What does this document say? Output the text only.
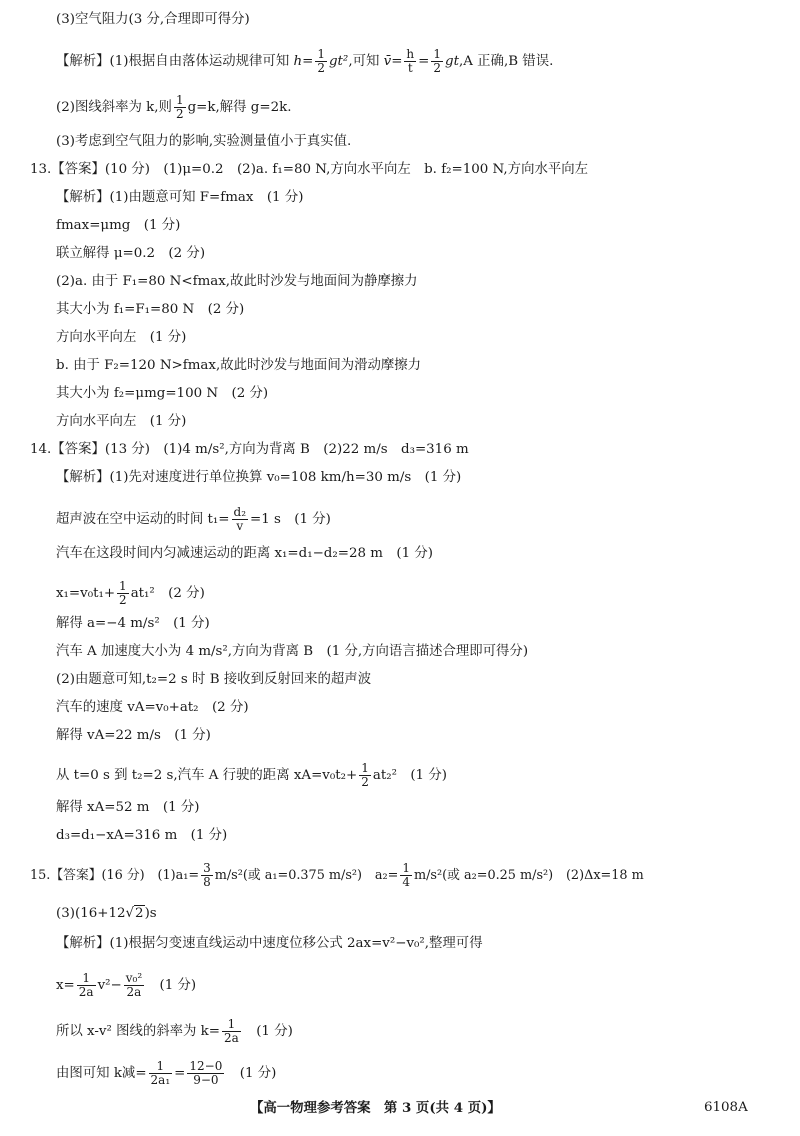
(3)空气阻力(3 分,合理即可得分)
【解析】(1)根据自由落体运动规律可知 $h= \frac{1}{2} gt^2$,可知 v̄= $\frac{h}{t} = \frac{1}{2} gt,A$ 正确,B 错误.
(2)图线斜率为 k,则 $\frac{1}{2} g=k$,解得 g=2k.
(3)考虑到空气阻力的影响,实验测量值小于真实值.
13.【答案】(10 分)　(1)μ=0.2　(2)a. f₁=80 N,方向水平向左　b. f₂=100 N,方向水平向左
【解析】(1)由题意可知 F=fmax　(1 分)
fmax=μmg　(1 分)
联立解得 μ=0.2　(2 分)
(2)a. 由于 F₁=80 N<fmax,故此时沙发与地面间为静摩擦力
其大小为 f₁=F₁=80 N　(2 分)
方向水平向左　(1 分)
b. 由于 F₂=120 N>fmax,故此时沙发与地面间为滑动摩擦力
其大小为 f₂=μmg=100 N　(2 分)
方向水平向左　(1 分)
14.【答案】(13 分)　(1)4 m/s²,方向为背离 B　(2)22 m/s　d₃=316 m
【解析】(1)先对速度进行单位换算 v₀=108 km/h=30 m/s　(1 分)
超声波在空中运动的时间 $t_1= \frac{\text{d₂}}{v} =1$ s　(1 分)
汽车在这段时间内匀减速运动的距离 x₁=d₁−d₂=28 m　(1 分)
$x_1=v_0t_1+ \frac{1}{2} at_1^2$　(2 分)
解得 a=−4 m/s²　(1 分)
汽车 A 加速度大小为 4 m/s²,方向为背离 B　(1 分,方向语言描述合理即可得分)
(2)由题意可知,t₂=2 s 时 B 接收到反射回来的超声波
汽车的速度 vA=v₀+at₂　(2 分)
解得 vA=22 m/s　(1 分)
从 t=0 s 到 t₂=2 s,汽车 A 行驶的距离 $xA=v_0t_2+ \frac{1}{2} at_2^2$　(1 分)
解得 xA=52 m　(1 分)
d₃=d₁−xA=316 m　(1 分)
15.【答案】(16 分)　$(1)a_1= \frac{3}{8} m/s^2$(或 a₁=0.375 m/s²)　$a_2= \frac{1}{4} m/s^2$(或 a₂=0.25 m/s²)　(2)Δx=18 m
(3)(16+12√2)s
【解析】(1)根据匀变速直线运动中速度位移公式 2ax=v²−v₀²,整理可得
$x= \frac{1}{2a} v^2- \frac{\text{v₀²}}{2a}$ 　(1 分)
所以 x-v² 图线的斜率为 $k= \frac{1}{2a}$ 　(1 分)
由图可知 k减= $\frac{1}{\text{2a₁}} = \frac{12-0}{9-0}$ 　(1 分)
【高一物理参考答案　第 3 页(共 4 页)】	6108A
